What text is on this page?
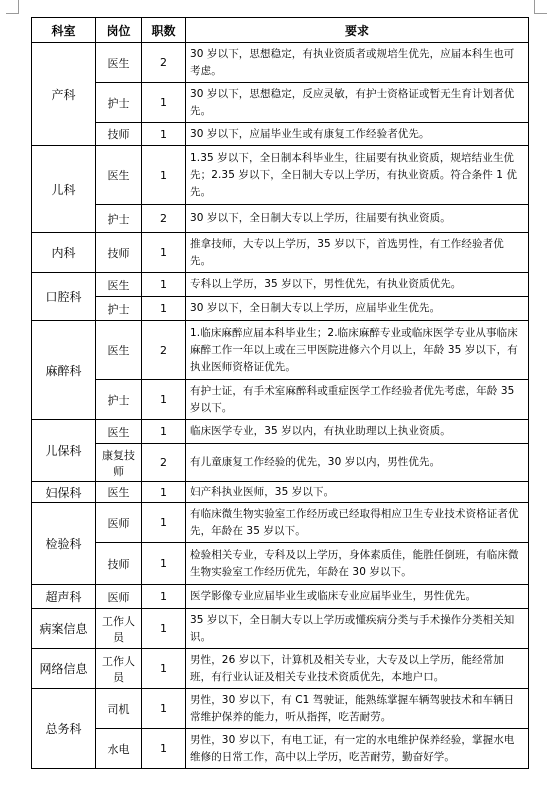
科室	岗位	职数	要求
产科	医生	2	30 岁以下，思想稳定，有执业资质者或规培生优先，应届本科生也可考虑。
	护士	1	30 岁以下，思想稳定，反应灵敏，有护士资格证或暂无生育计划者优先。
	技师	1	30 岁以下，应届毕业生或有康复工作经验者优先。
儿科	医生	1	1.35 岁以下，全日制本科毕业生，往届要有执业资质，规培结业生优先；2.35 岁以下，全日制大专以上学历，有执业资质。符合条件 1 优先。
	护士	2	30 岁以下，全日制大专以上学历，往届要有执业资质。
内科	技师	1	推拿技师，大专以上学历，35 岁以下，首选男性，有工作经验者优先。
口腔科	医生	1	专科以上学历，35 岁以下，男性优先，有执业资质优先。
	护士	1	30 岁以下，全日制大专以上学历，应届毕业生优先。
麻醉科	医生	2	1.临床麻醉应届本科毕业生；2.临床麻醉专业或临床医学专业从事临床麻醉工作一年以上或在三甲医院进修六个月以上，年龄 35 岁以下，有执业医师资格证优先。
	护士	1	有护士证，有手术室麻醉科或重症医学工作经验者优先考虑，年龄 35 岁以下。
儿保科	医生	1	临床医学专业，35 岁以内，有执业助理以上执业资质。
	康复技师	2	有儿童康复工作经验的优先，30 岁以内，男性优先。
妇保科	医生	1	妇产科执业医师，35 岁以下。
检验科	医师	1	有临床微生物实验室工作经历或已经取得相应卫生专业技术资格证者优先，年龄在 35 岁以下。
	技师	1	检验相关专业，专科及以上学历，身体素质佳，能胜任倒班，有临床微生物实验室工作经历优先，年龄在 30 岁以下。
超声科	医师	1	医学影像专业应届毕业生或临床专业应届毕业生，男性优先。
病案信息	工作人员	1	35 岁以下，全日制大专以上学历或懂疾病分类与手术操作分类相关知识。
网络信息	工作人员	1	男性，26 岁以下，计算机及相关专业，大专及以上学历，能经常加班，有行业认证及相关专业技术资质优先，本地户口。
总务科	司机	1	男性，30 岁以下，有 C1 驾驶证，能熟练掌握车辆驾驶技术和车辆日常维护保养的能力，听从指挥，吃苦耐劳。
	水电	1	男性，30 岁以下，有电工证，有一定的水电维护保养经验，掌握水电维修的日常工作，高中以上学历，吃苦耐劳，勤奋好学。
